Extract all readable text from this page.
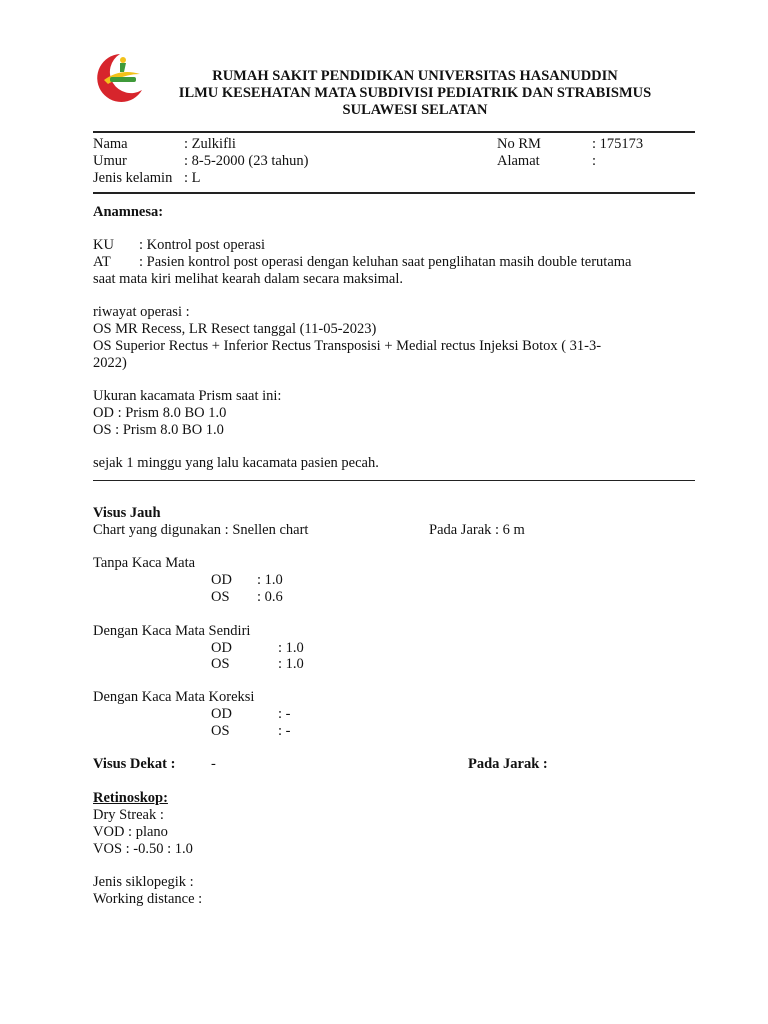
RUMAH SAKIT PENDIDIKAN UNIVERSITAS HASANUDDIN
ILMU KESEHATAN MATA SUBDIVISI PEDIATRIK DAN STRABISMUS
SULAWESI SELATAN
Nama	: Zulkifli
Umur	: 8-5-2000 (23 tahun)
Jenis kelamin : L
No RM	: 175173
Alamat	:
Anamnesa:
KU : Kontrol post operasi
AT : Pasien kontrol post operasi dengan keluhan saat penglihatan masih double terutama
saat mata kiri melihat kearah dalam secara maksimal.
riwayat operasi :
OS MR Recess, LR Resect tanggal (11-05-2023)
OS Superior Rectus + Inferior Rectus Transposisi + Medial rectus Injeksi Botox ( 31-3-
2022)
Ukuran kacamata Prism saat ini:
OD : Prism 8.0 BO 1.0
OS : Prism 8.0 BO 1.0
sejak 1 minggu yang lalu kacamata pasien pecah.
Visus Jauh
Chart yang digunakan : Snellen chart	Pada Jarak : 6 m
Tanpa Kaca Mata
OD : 1.0
OS : 0.6
Dengan Kaca Mata Sendiri
OD	: 1.0
OS	: 1.0
Dengan Kaca Mata Koreksi
OD	: -
OS	: -
Visus Dekat : -	Pada Jarak :
Retinoskop:
Dry Streak :
VOD : plano
VOS : -0.50 : 1.0
Jenis siklopegik :
Working distance :
